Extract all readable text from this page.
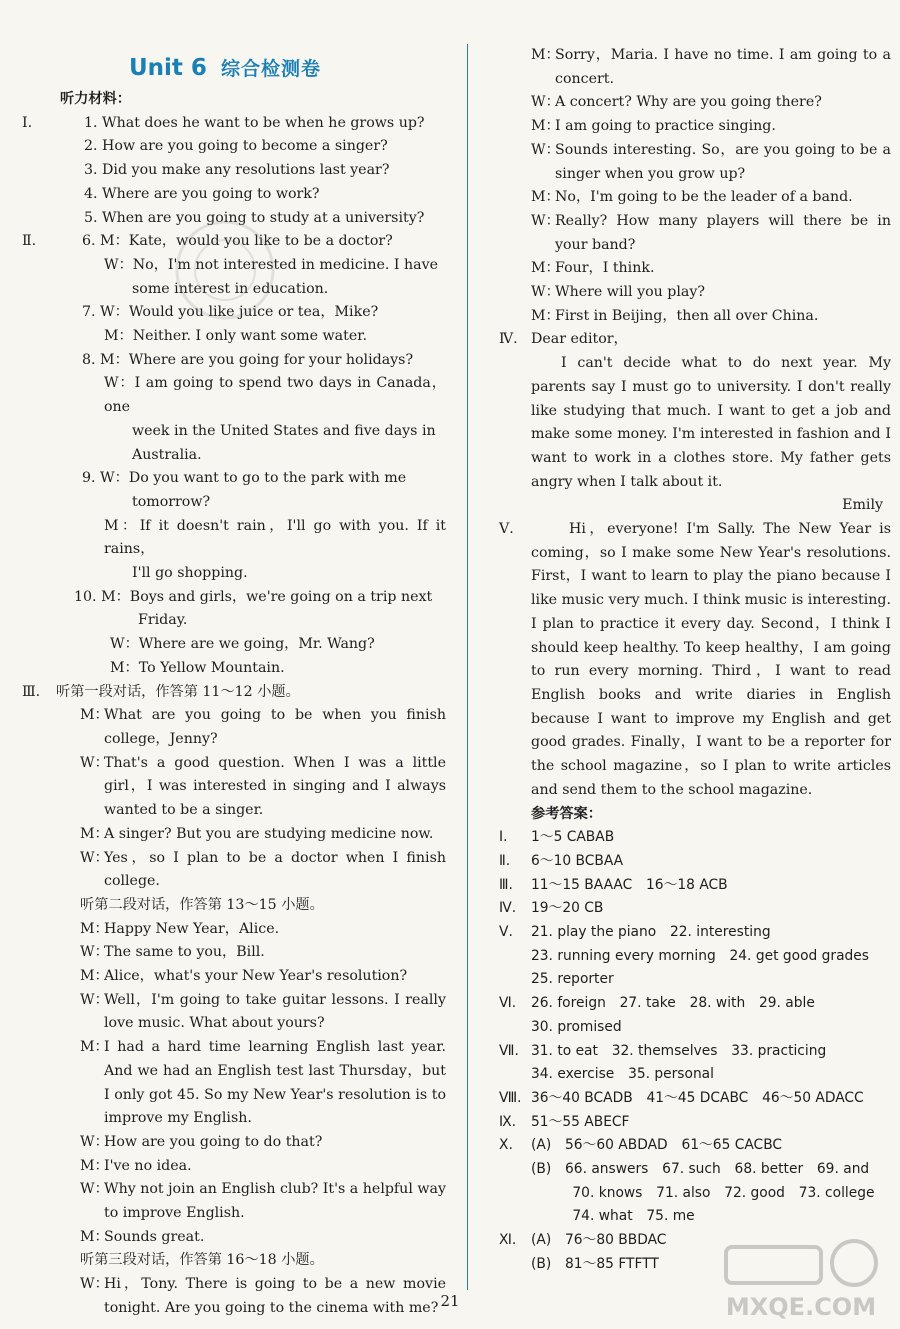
Unit 6 综合检测卷
听力材料：
Ⅰ.	1. What does he want to be when he grows up?
2. How are you going to become a singer?
3. Did you make any resolutions last year?
4. Where are you going to work?
5. When are you going to study at a university?
Ⅱ.	6. M：Kate，would you like to be a doctor?
W：No，I'm not interested in medicine. I have
some interest in education.
7. W：Would you like juice or tea，Mike?
M：Neither. I only want some water.
8. M：Where are you going for your holidays?
W：I am going to spend two days in Canada，one
week in the United States and five days in
Australia.
9. W：Do you want to go to the park with me
tomorrow?
M：If it doesn't rain，I'll go with you. If it rains，
I'll go shopping.
10. M：Boys and girls，we're going on a trip next
Friday.
W：Where are we going，Mr. Wang?
M：To Yellow Mountain.
Ⅲ.	听第一段对话，作答第 11～12 小题。
M：
What are you going to be when you finish college，Jenny?
W：
That's a good question. When I was a little girl，I was interested in singing and I always wanted to be a singer.
M：
A singer? But you are studying medicine now.
W：
Yes，so I plan to be a doctor when I finish college.
听第二段对话，作答第 13～15 小题。
M：
Happy New Year，Alice.
W：
The same to you，Bill.
M：
Alice，what's your New Year's resolution?
W：
Well，I'm going to take guitar lessons. I really love music. What about yours?
M：
I had a hard time learning English last year. And we had an English test last Thursday，but I only got 45. So my New Year's resolution is to improve my English.
W：
How are you going to do that?
M：
I've no idea.
W：
Why not join an English club? It's a helpful way to improve English.
M：
Sounds great.
听第三段对话，作答第 16～18 小题。
W：
Hi，Tony. There is going to be a new movie tonight. Are you going to the cinema with me?
M：
Sorry，Maria. I have no time. I am going to a concert.
W：
A concert? Why are you going there?
M：
I am going to practice singing.
W：
Sounds interesting. So，are you going to be a singer when you grow up?
M：
No，I'm going to be the leader of a band.
W：
Really? How many players will there be in your band?
M：
Four，I think.
W：
Where will you play?
M：
First in Beijing，then all over China.
Ⅳ. Dear editor，
I can't decide what to do next year. My parents say I must go to university. I don't really like studying that much. I want to get a job and make some money. I'm interested in fashion and I want to work in a clothes store. My father gets angry when I talk about it.
Emily
Ⅴ.	Hi，everyone! I'm Sally. The New Year is coming，so I make some New Year's resolutions. First，I want to learn to play the piano because I like music very much. I think music is interesting. I plan to practice it every day. Second，I think I should keep healthy. To keep healthy，I am going to run every morning. Third，I want to read English books and write diaries in English because I want to improve my English and get good grades. Finally，I want to be a reporter for the school magazine，so I plan to write articles and send them to the school magazine.
参考答案：
Ⅰ.	1～5 CABAB
Ⅱ.	6～10 BCBAA
Ⅲ.	11～15 BAAAC　16～18 ACB
Ⅳ.	19～20 CB
Ⅴ.	21. play the piano　22. interesting
23. running every morning　24. get good grades
25. reporter
Ⅵ.	26. foreign　27. take　28. with　29. able
30. promised
Ⅶ. 31. to eat　32. themselves　33. practicing
34. exercise　35. personal
Ⅷ. 36～40 BCADB　41～45 DCABC　46～50 ADACC
Ⅸ.	51～55 ABECF
Ⅹ.	(A)　56～60 ABDAD　61～65 CACBC
(B)　66. answers　67. such　68. better　69. and
　　　70. knows　71. also　72. good　73. college
　　　74. what　75. me
Ⅺ.	(A)　76～80 BBDAC
(B)　81～85 FTFTT
21	MXQE.COM
